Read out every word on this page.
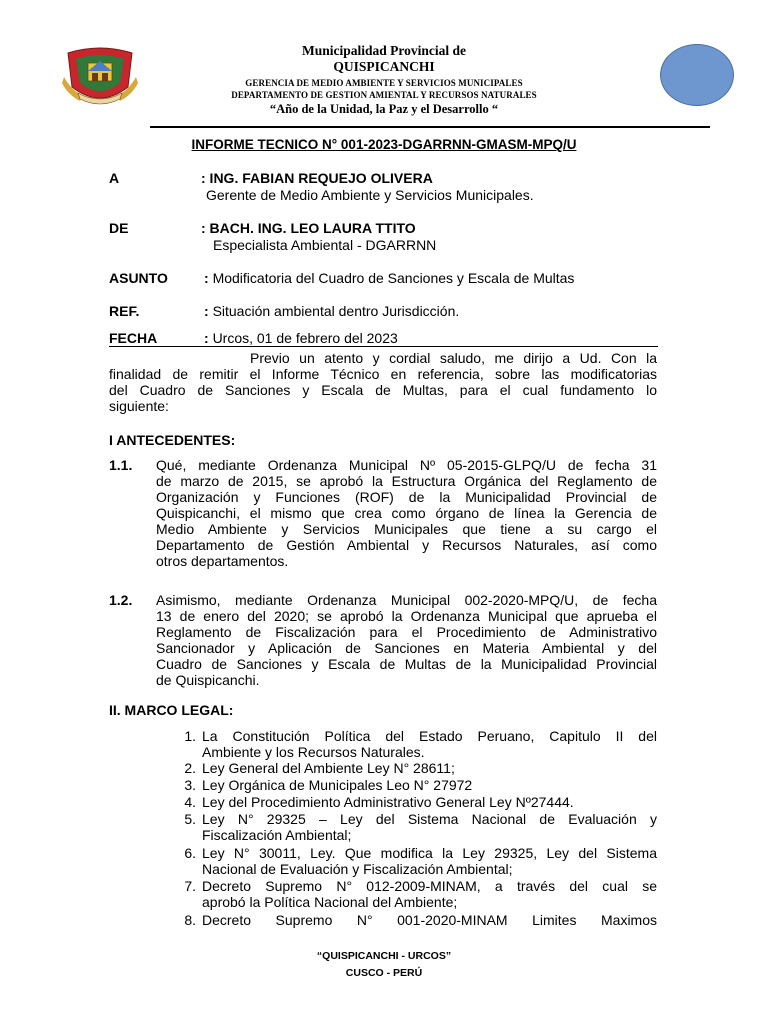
Municipalidad Provincial de
QUISPICANCHI
GERENCIA DE MEDIO AMBIENTE Y SERVICIOS MUNICIPALES
DEPARTAMENTO DE GESTION AMIENTAL Y RECURSOS NATURALES
“Año de la Unidad, la Paz y el Desarrollo “
INFORME TECNICO N° 001-2023-DGARRNN-GMASM-MPQ/U
A	: ING. FABIAN REQUEJO OLIVERA
Gerente de Medio Ambiente y Servicios Municipales.
DE	: BACH. ING. LEO LAURA TTITO
Especialista Ambiental - DGARRNN
ASUNTO	: Modificatoria del Cuadro de Sanciones y Escala de Multas
REF.	: Situación ambiental dentro Jurisdicción.
FECHA	: Urcos, 01 de febrero del 2023
Previo un atento y cordial saludo, me dirijo a Ud. Con la
finalidad de remitir el Informe Técnico en referencia, sobre las modificatorias
del Cuadro de Sanciones y Escala de Multas, para el cual fundamento lo
siguiente:
I ANTECEDENTES:
1.1. Qué, mediante Ordenanza Municipal Nº 05-2015-GLPQ/U de fecha 31
de marzo de 2015, se aprobó la Estructura Orgánica del Reglamento de
Organización y Funciones (ROF) de la Municipalidad Provincial de
Quispicanchi, el mismo que crea como órgano de línea la Gerencia de
Medio Ambiente y Servicios Municipales que tiene a su cargo el
Departamento de Gestión Ambiental y Recursos Naturales, así como
otros departamentos.
1.2. Asimismo, mediante Ordenanza Municipal 002-2020-MPQ/U, de fecha
13 de enero del 2020; se aprobó la Ordenanza Municipal que aprueba el
Reglamento de Fiscalización para el Procedimiento de Administrativo
Sancionador y Aplicación de Sanciones en Materia Ambiental y del
Cuadro de Sanciones y Escala de Multas de la Municipalidad Provincial
de Quispicanchi.
II. MARCO LEGAL:
1. La Constitución Política del Estado Peruano, Capitulo II del
Ambiente y los Recursos Naturales.
2. Ley General del Ambiente Ley N° 28611;
3. Ley Orgánica de Municipales Leo N° 27972
4. Ley del Procedimiento Administrativo General Ley Nº27444.
5. Ley N° 29325 – Ley del Sistema Nacional de Evaluación y
Fiscalización Ambiental;
6. Ley N° 30011, Ley. Que modifica la Ley 29325, Ley del Sistema
Nacional de Evaluación y Fiscalización Ambiental;
7. Decreto Supremo N° 012-2009-MINAM, a través del cual se
aprobó la Política Nacional del Ambiente;
8. Decreto Supremo N° 001-2020-MINAM Limites Maximos
“QUISPICANCHI - URCOS”
CUSCO - PERÚ
